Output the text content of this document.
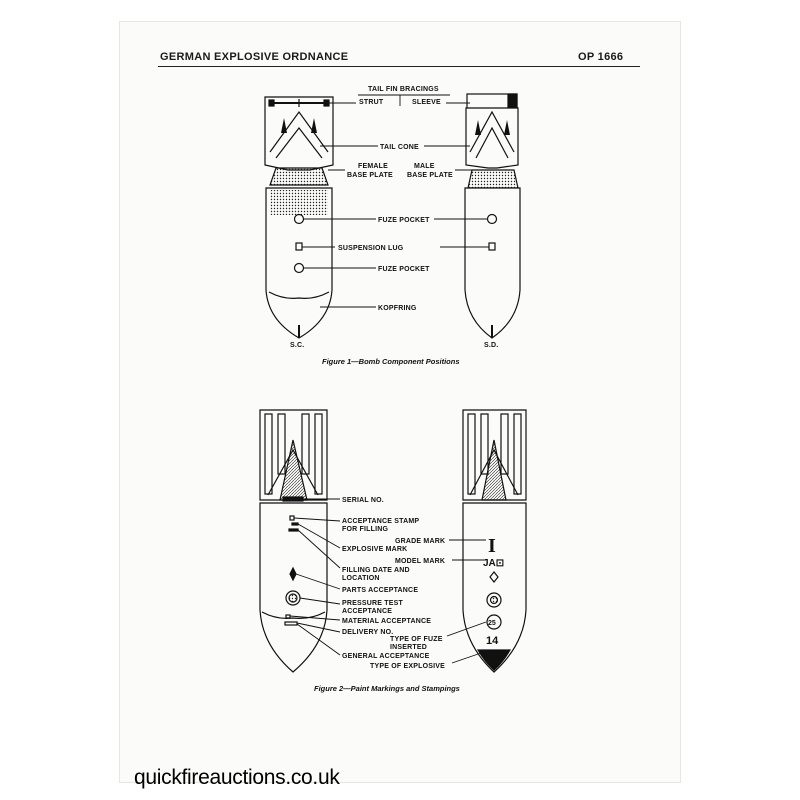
GERMAN EXPLOSIVE ORDNANCE	OP 1666
TAIL FIN BRACINGS
STRUT	SLEEVE
TAIL CONE
FEMALE
BASE PLATE
MALE
BASE PLATE
FUZE POCKET
SUSPENSION LUG
FUZE POCKET
KOPFRING
S.C.	S.D.
Figure 1—Bomb Component Positions
SERIAL NO.
ACCEPTANCE STAMP
FOR FILLING
GRADE MARK
EXPLOSIVE MARK
MODEL MARK
FILLING DATE AND
LOCATION
PARTS ACCEPTANCE
PRESSURE TEST
ACCEPTANCE
MATERIAL ACCEPTANCE
DELIVERY NO.
TYPE OF FUZE
INSERTED
GENERAL ACCEPTANCE
TYPE OF EXPLOSIVE
I
JA⊡
25
14
Figure 2—Paint Markings and Stampings
quickfireauctions.co.uk
